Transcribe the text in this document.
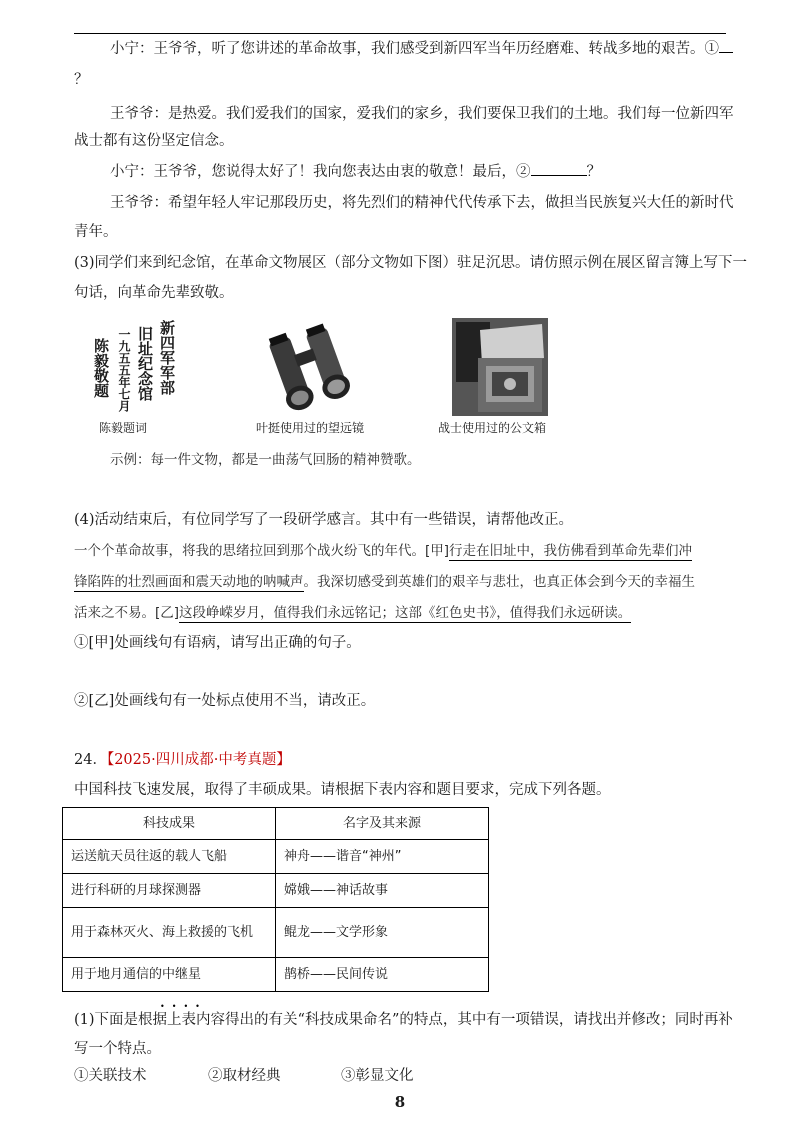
小宁：王爷爷，听了您讲述的革命故事，我们感受到新四军当年历经磨难、转战多地的艰苦。①
？
王爷爷：是热爱。我们爱我们的国家，爱我们的家乡，我们要保卫我们的土地。我们每一位新四军
战士都有这份坚定信念。
小宁：王爷爷，您说得太好了！我向您表达由衷的敬意！最后，②	？
王爷爷：希望年轻人牢记那段历史，将先烈们的精神代代传承下去，做担当民族复兴大任的新时代
青年。
(3)同学们来到纪念馆，在革命文物展区（部分文物如下图）驻足沉思。请仿照示例在展区留言簿上写下一
句话，向革命先辈致敬。
新四军军部
旧址纪念馆
一九五五年七月
陈毅敬题
陈毅题词	叶挺使用过的望远镜	战士使用过的公文箱
示例：每一件文物，都是一曲荡气回肠的精神赞歌。
(4)活动结束后，有位同学写了一段研学感言。其中有一些错误，请帮他改正。
一个个革命故事，将我的思绪拉回到那个战火纷飞的年代。[甲]行走在旧址中，我仿佛看到革命先辈们冲
锋陷阵的壮烈画面和震天动地的呐喊声。我深切感受到英雄们的艰辛与悲壮，也真正体会到今天的幸福生
活来之不易。[乙]这段峥嵘岁月，值得我们永远铭记；这部《红色史书》，值得我们永远研读。
①[甲]处画线句有语病，请写出正确的句子。
②[乙]处画线句有一处标点使用不当，请改正。
24．【2025·四川成都·中考真题】
中国科技飞速发展，取得了丰硕成果。请根据下表内容和题目要求，完成下列各题。
科技成果	名字及其来源
运送航天员往返的载人飞船	神舟——谐音“神州”
进行科研的月球探测器	嫦娥——神话故事
用于森林灭火、海上救援的飞机	鲲龙——文学形象
用于地月通信的中继星	鹊桥——民间传说
••••
(1)下面是根据上表内容得出的有关“科技成果命名”的特点，其中有一项错误，请找出并修改；同时再补
写一个特点。
①关联技术	②取材经典	③彰显文化
8
